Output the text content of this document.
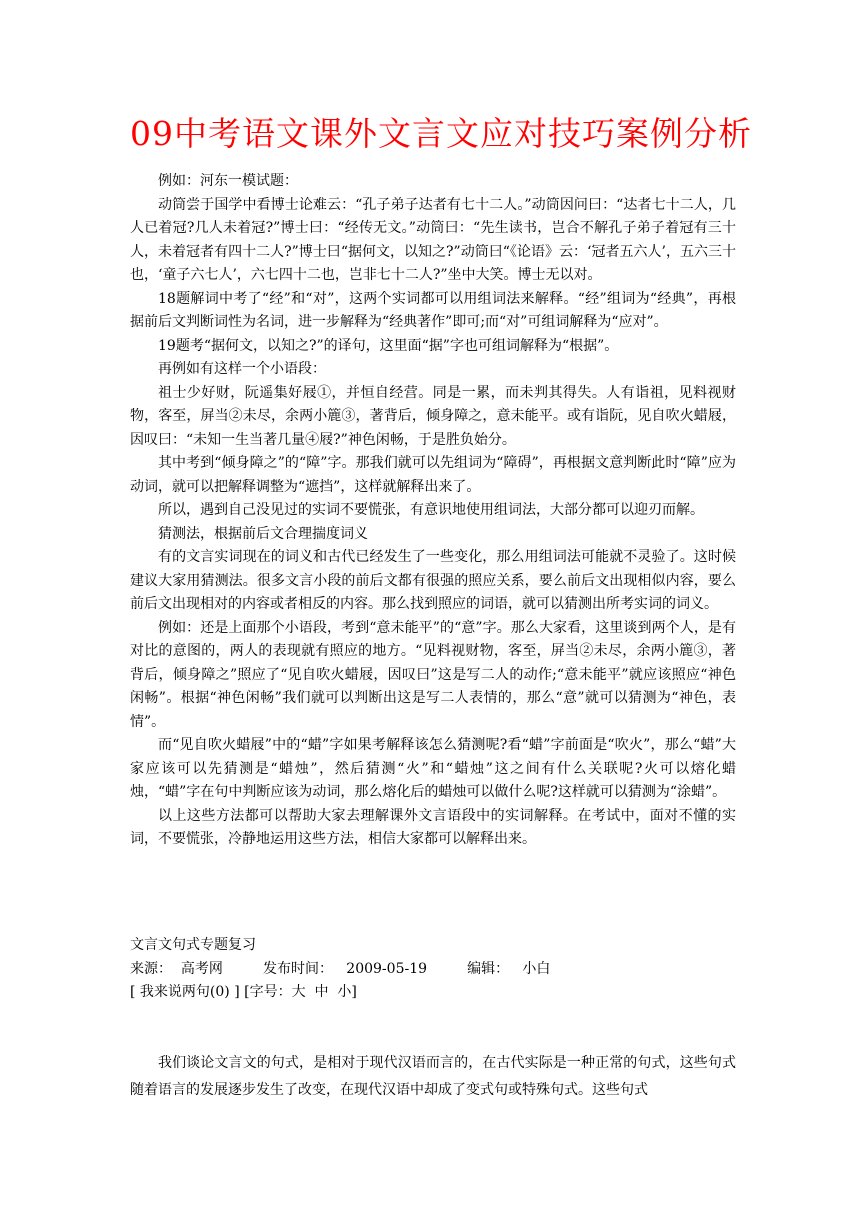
09中考语文课外文言文应对技巧案例分析

例如：河东一模试题：

动筒尝于国学中看博士论难云：“孔子弟子达者有七十二人。”动筒因问曰：“达者七十二人，几人已着冠?几人未着冠?”博士曰：“经传无文。”动筒曰：“先生读书，岂合不解孔子弟子着冠有三十人，未着冠者有四十二人?”博士曰“据何文，以知之?”动筒曰“《论语》云：‘冠者五六人’，五六三十也，‘童子六七人’，六七四十二也，岂非七十二人?”坐中大笑。博士无以对。

18题解词中考了“经”和“对”，这两个实词都可以用组词法来解释。“经”组词为“经典”，再根据前后文判断词性为名词，进一步解释为“经典著作”即可;而“对”可组词解释为“应对”。

19题考“据何文，以知之?”的译句，这里面“据”字也可组词解释为“根据”。

再例如有这样一个小语段：

祖士少好财，阮遥集好屐①，并恒自经营。同是一累，而未判其得失。人有诣祖，见料视财物，客至，屏当②未尽，余两小簏③，著背后，倾身障之，意未能平。或有诣阮，见自吹火蜡屐，因叹曰：“未知一生当著几量④屐?”神色闲畅，于是胜负始分。

其中考到“倾身障之”的“障”字。那我们就可以先组词为“障碍”，再根据文意判断此时“障”应为动词，就可以把解释调整为“遮挡”，这样就解释出来了。

所以，遇到自己没见过的实词不要慌张，有意识地使用组词法，大部分都可以迎刃而解。

猜测法，根据前后文合理揣度词义

有的文言实词现在的词义和古代已经发生了一些变化，那么用组词法可能就不灵验了。这时候建议大家用猜测法。很多文言小段的前后文都有很强的照应关系，要么前后文出现相似内容，要么前后文出现相对的内容或者相反的内容。那么找到照应的词语，就可以猜测出所考实词的词义。

例如：还是上面那个小语段，考到“意未能平”的“意”字。那么大家看，这里谈到两个人，是有对比的意图的，两人的表现就有照应的地方。“见料视财物，客至，屏当②未尽，余两小簏③，著背后，倾身障之”照应了“见自吹火蜡屐，因叹曰”这是写二人的动作;“意未能平”就应该照应“神色闲畅”。根据“神色闲畅”我们就可以判断出这是写二人表情的，那么“意”就可以猜测为“神色，表情”。

而“见自吹火蜡屐”中的“蜡”字如果考解释该怎么猜测呢?看“蜡”字前面是“吹火”，那么“蜡”大家应该可以先猜测是“蜡烛”，然后猜测“火”和“蜡烛”这之间有什么关联呢?火可以熔化蜡烛，“蜡”字在句中判断应该为动词，那么熔化后的蜡烛可以做什么呢?这样就可以猜测为“涂蜡”。

以上这些方法都可以帮助大家去理解课外文言语段中的实词解释。在考试中，面对不懂的实词，不要慌张，冷静地运用这些方法，相信大家都可以解释出来。

文言文句式专题复习
来源：  高考网         发布时间：   2009-05-19         编辑：   小白
[ 我来说两句(0) ] [字号：大  中  小]

我们谈论文言文的句式，是相对于现代汉语而言的，在古代实际是一种正常的句式，这些句式随着语言的发展逐步发生了改变，在现代汉语中却成了变式句或特殊句式。这些句式
